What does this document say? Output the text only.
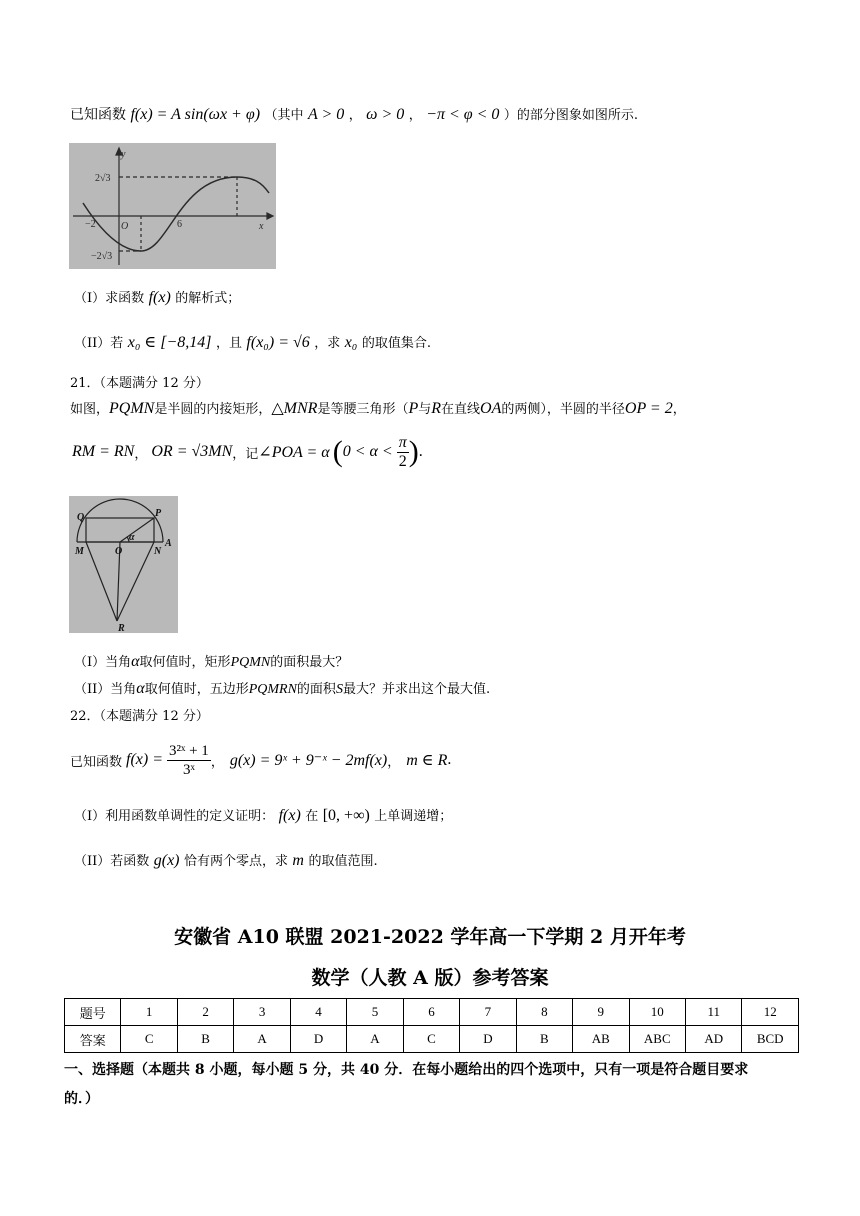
已知函数 f(x) = A sin(ωx + φ) （其中 A > 0 ， ω > 0 ， −π < φ < 0 ）的部分图象如图所示.
y
x
O
2√3
−2√3
−2	6
（I）求函数 f(x) 的解析式；
（II）若 x₀ ∈ [−8,14] ，且 f(x₀) = √6 ，求 x₀ 的取值集合.
21．（本题满分 12 分）
如图，PQMN是半圆的内接矩形，△MNR是等腰三角形（P与R在直线OA的两侧），半圆的半径OP = 2，
RM = RN ， OR = √3MN ，记 ∠POA = α ( $0 < \alpha < \frac{\pi}{2}$ ) .
Q	P
M	O	N
A
α
R
（I）当角α取何值时，矩形PQMN的面积最大？
（II）当角α取何值时，五边形PQMRN的面积S最大？并求出这个最大值.
22．（本题满分 12 分）
已知函数 $f(x) = \frac{\text{3²ˣ + 1}}{\text{3ˣ}}$ ， g(x) = 9ˣ + 9⁻ˣ − 2mf(x) ， m ∈ R .
（I）利用函数单调性的定义证明： f(x) 在 [0, +∞) 上单调递增；
（II）若函数 g(x) 恰有两个零点，求 m 的取值范围.
安徽省 A10 联盟 2021-2022 学年高一下学期 2 月开年考
数学（人教 A 版）参考答案
题号	1	2	3	4	5	6	7	8	9	10	11	12
答案	C	B	A	D	A	C	D	B	AB	ABC	AD	BCD
一、选择题（本题共 8 小题，每小题 5 分，共 40 分．在每小题给出的四个选项中，只有一项是符合题目要求
的．）
